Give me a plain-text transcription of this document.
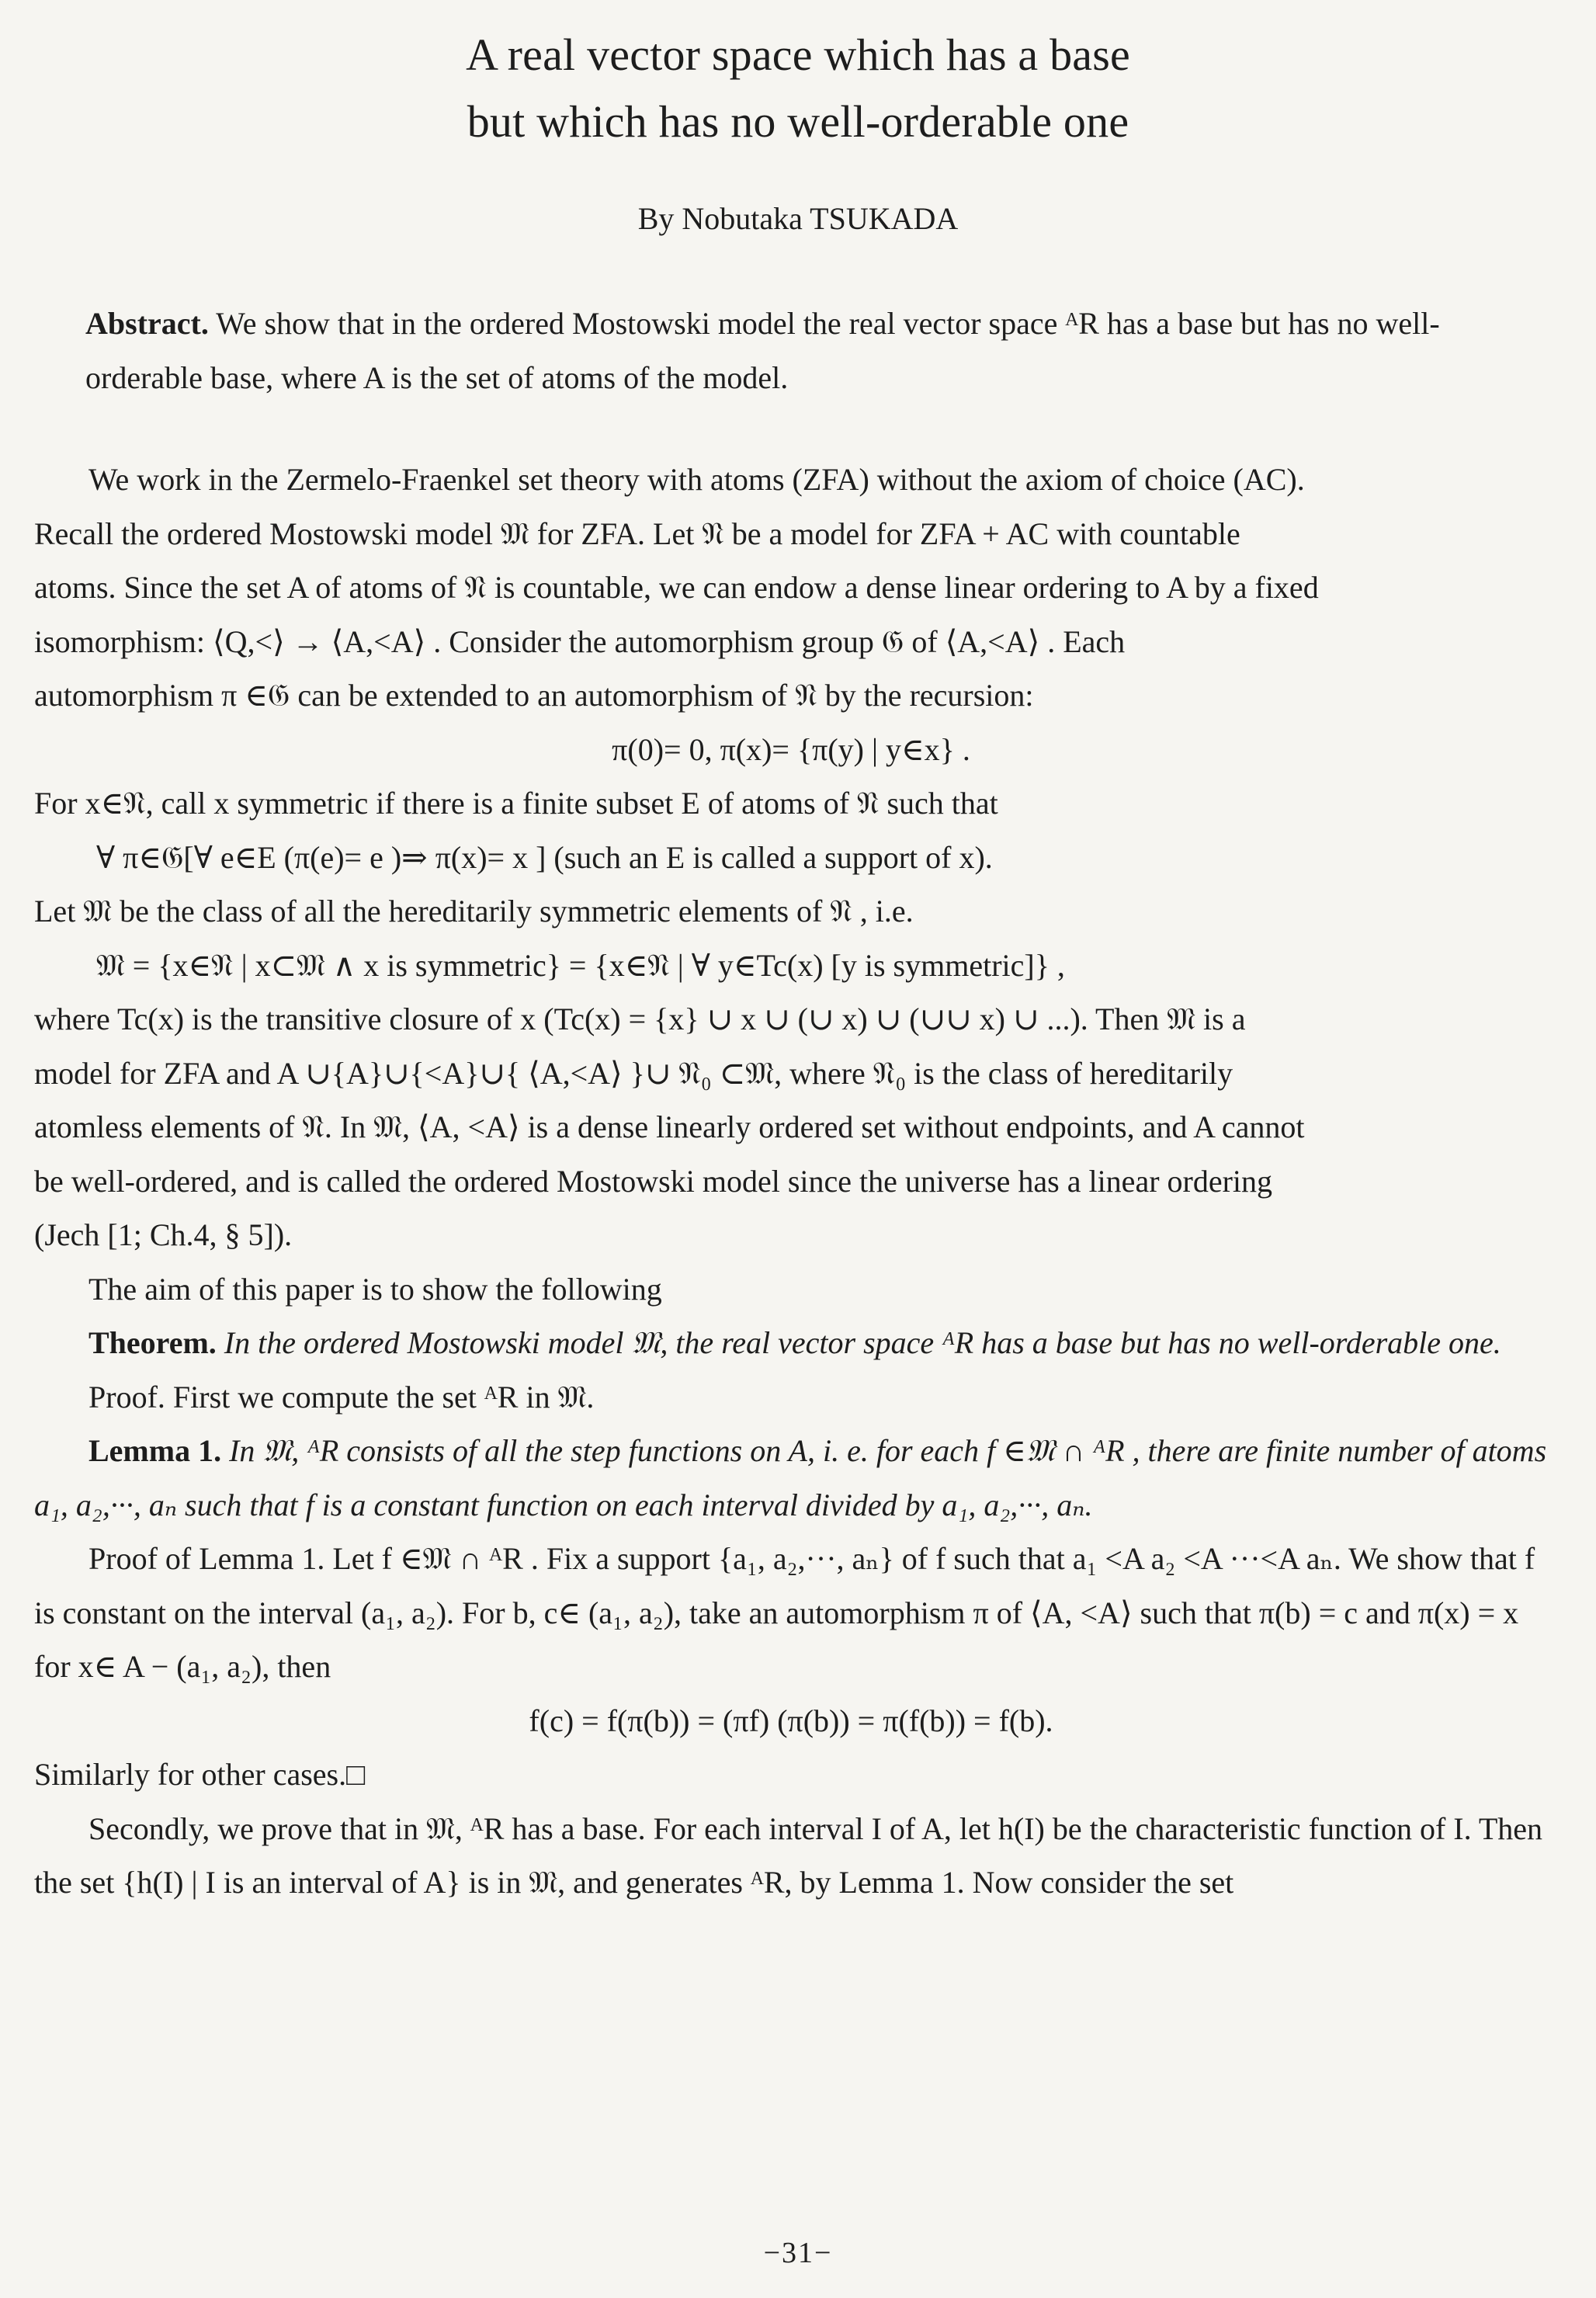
A real vector space which has a base
but which has no well-orderable one
By Nobutaka TSUKADA

Abstract. We show that in the ordered Mostowski model the real vector space ᴬR has a base but has no well-orderable base, where A is the set of atoms of the model.

We work in the Zermelo-Fraenkel set theory with atoms (ZFA) without the axiom of choice (AC).

Recall the ordered Mostowski model 𝔐 for ZFA. Let 𝔑 be a model for ZFA + AC with countable

atoms. Since the set A of atoms of 𝔑 is countable, we can endow a dense linear ordering to A by a fixed

isomorphism: ⟨Q,<⟩ → ⟨A,<A⟩ . Consider the automorphism group 𝔊 of ⟨A,<A⟩ . Each

automorphism π ∈𝔊 can be extended to an automorphism of 𝔑 by the recursion:

π(0)= 0, π(x)= {π(y) | y∈x} .

For x∈𝔑, call x symmetric if there is a finite subset E of atoms of 𝔑 such that

∀ π∈𝔊[∀ e∈E (π(e)= e )⇒ π(x)= x ] (such an E is called a support of x).

Let 𝔐 be the class of all the hereditarily symmetric elements of 𝔑 , i.e.

𝔐 = {x∈𝔑 | x⊂𝔐 ∧ x is symmetric} = {x∈𝔑 | ∀ y∈Tc(x) [y is symmetric]} ,

where Tc(x) is the transitive closure of x (Tc(x) = {x} ∪ x ∪ (∪ x) ∪ (∪∪ x) ∪ ...). Then 𝔐 is a

model for ZFA and A ∪{A}∪{<A}∪{ ⟨A,<A⟩ }∪ 𝔑₀ ⊂𝔐, where 𝔑₀ is the class of hereditarily

atomless elements of 𝔑. In 𝔐, ⟨A, <A⟩ is a dense linearly ordered set without endpoints, and A cannot

be well-ordered, and is called the ordered Mostowski model since the universe has a linear ordering

(Jech [1; Ch.4, § 5]).

The aim of this paper is to show the following

Theorem. In the ordered Mostowski model 𝔐, the real vector space ᴬR has a base but has no well-orderable one.

Proof. First we compute the set ᴬR in 𝔐.

Lemma 1. In 𝔐, ᴬR consists of all the step functions on A, i. e. for each f ∈𝔐 ∩ ᴬR , there are finite number of atoms a₁, a₂,···, aₙ such that f is a constant function on each interval divided by a₁, a₂,···, aₙ.

Proof of Lemma 1. Let f ∈𝔐 ∩ ᴬR . Fix a support {a₁, a₂,···, aₙ} of f such that a₁ <A a₂ <A ···<A aₙ. We show that f is constant on the interval (a₁, a₂). For b, c∈ (a₁, a₂), take an automorphism π of ⟨A, <A⟩ such that π(b) = c and π(x) = x for x∈ A − (a₁, a₂), then

f(c) = f(π(b)) = (πf) (π(b)) = π(f(b)) = f(b).

Similarly for other cases.□

Secondly, we prove that in 𝔐, ᴬR has a base. For each interval I of A, let h(I) be the characteristic function of I. Then the set {h(I) | I is an interval of A} is in 𝔐, and generates ᴬR, by Lemma 1. Now consider the set

−31−
